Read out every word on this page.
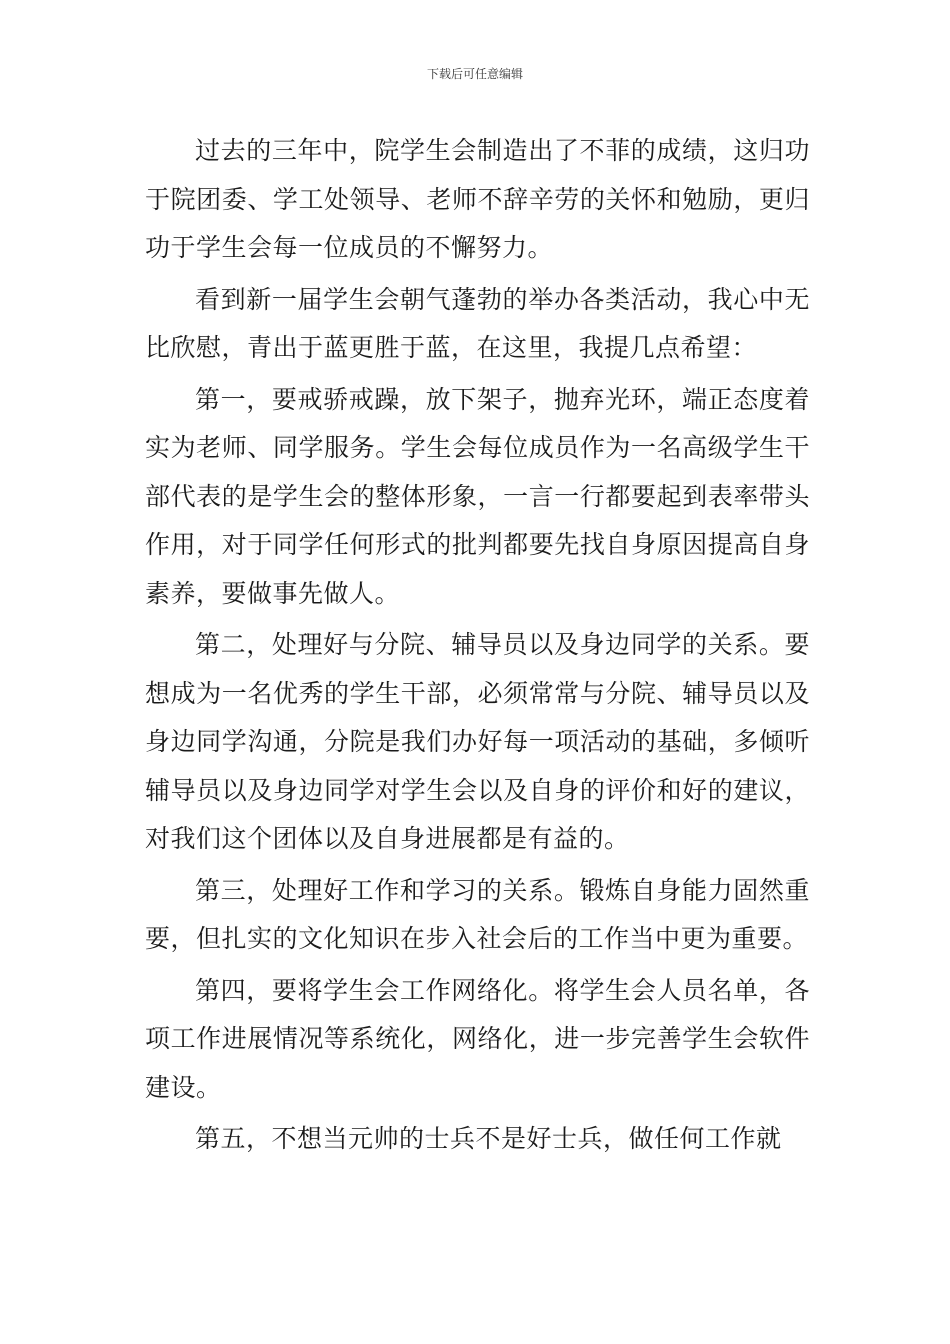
下载后可任意编辑

过去的三年中，院学生会制造出了不菲的成绩，这归功于院团委、学工处领导、老师不辞辛劳的关怀和勉励，更归功于学生会每一位成员的不懈努力。

看到新一届学生会朝气蓬勃的举办各类活动，我心中无比欣慰，青出于蓝更胜于蓝，在这里，我提几点希望：

第一，要戒骄戒躁，放下架子，抛弃光环，端正态度着实为老师、同学服务。学生会每位成员作为一名高级学生干部代表的是学生会的整体形象，一言一行都要起到表率带头作用，对于同学任何形式的批判都要先找自身原因提高自身素养，要做事先做人。

第二，处理好与分院、辅导员以及身边同学的关系。要想成为一名优秀的学生干部，必须常常与分院、辅导员以及身边同学沟通，分院是我们办好每一项活动的基础，多倾听辅导员以及身边同学对学生会以及自身的评价和好的建议，对我们这个团体以及自身进展都是有益的。

第三，处理好工作和学习的关系。锻炼自身能力固然重要，但扎实的文化知识在步入社会后的工作当中更为重要。

第四，要将学生会工作网络化。将学生会人员名单，各项工作进展情况等系统化，网络化，进一步完善学生会软件建设。

第五，不想当元帅的士兵不是好士兵，做任何工作就
